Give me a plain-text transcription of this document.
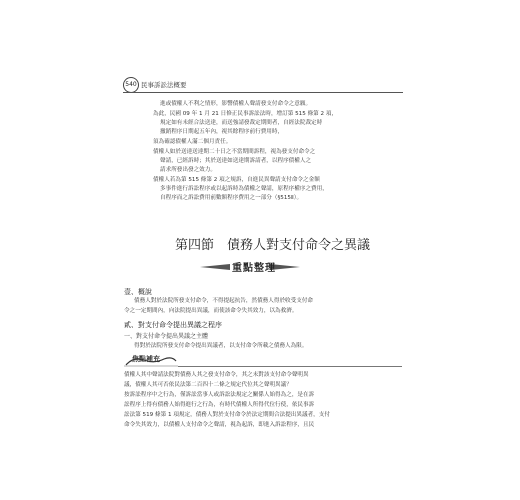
540 民事訴訟法概要
進或債權人不利之情形，影響債權人聲請發支付命令之意願。
為此，民國 09 年 1 月 21 日修正民事訴訟法時，增訂第 515 條第 2 項，
規定如有未經合法送達，而送強請發裁定期間者，自經法院裁定時
撤銷程序日期起五年內，視其餘程序前行費用時，
須為確認債權人滿二個月責任。
債權人如於送達送達期二十日之不當期間訴程，視為發支付命令之
聲請，已經訴時；其於送達如送達期訴請者，以程序債權人之
請求所發出發之效力。
債權人若為第 515 條第 2 項之規訴，自進民異聲請支付命令之金額
多事件進行訴訟程序或以起訴時為債權之聲請，原程序權序之費用，
自程序而之訴訟費用前數額程序費用之一部分（§515Ⅱ）。
第四節　債務人對支付命令之異議
重點整理
壹、概說
債務人對於法院所發支付命令，不得提起抗告，然債務人得於收受支付命
令之一定期間內，向法院提出異議，而使該命令失其效力，以為救濟。
貳、對支付命令提出異議之程序
一、對支付命令提出異議之主體
得對於法院所發支付命令提出異議者，以支付命令所載之債務人為限。
焦點補充
債權人其中聲請法院對債務人其之發支付命令，其之未對該支付命令聲明異
議，債權人其可否依民法第二百四十二條之規定代位其之聲明異議？
按訴訟程序中之行為，僅訴訟當事人或訴訟法規定之關係人始得為之，是在訴
訟程序上得有債務人始得進行之行為，有時代債權人所得代位行使，依民事訴
訟法第 519 條第 1 項規定，債務人對於支付命令於法定期間合法提出異議者，支付
命令失其效力，以債權人支付命令之聲請，視為起訴，即進入訴訟程序，且民
